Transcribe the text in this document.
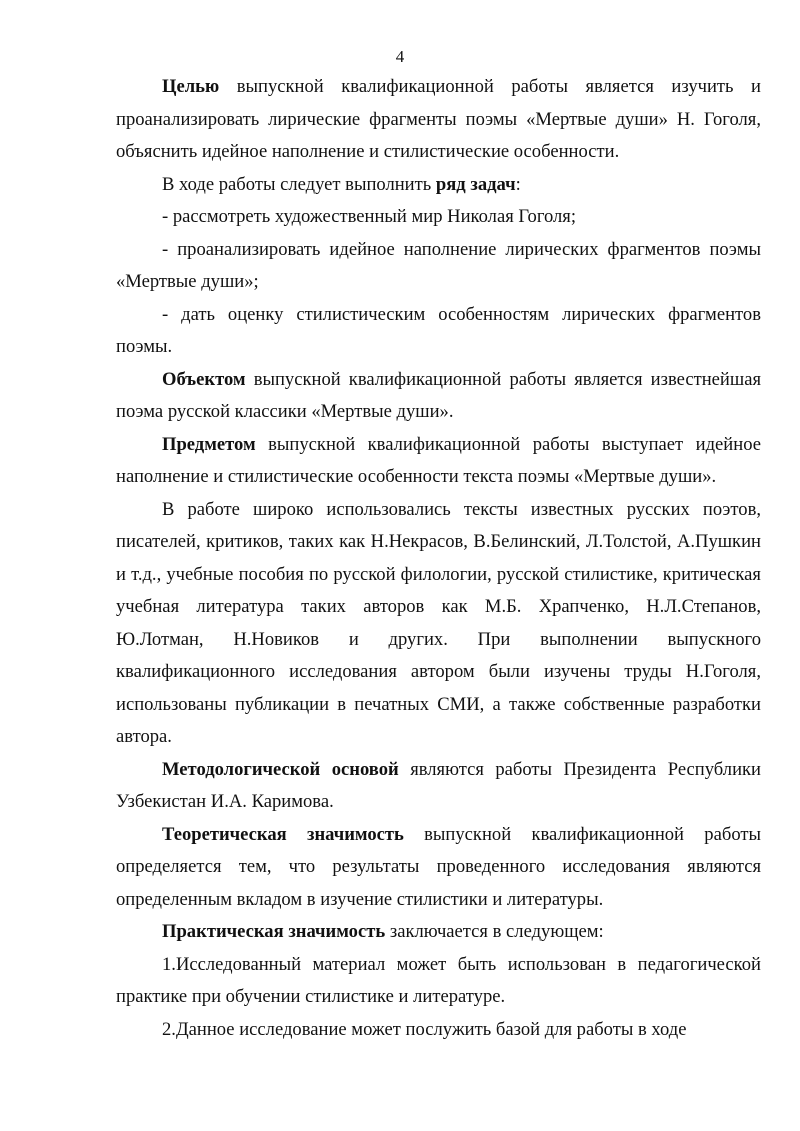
4

Целью выпускной квалификационной работы является изучить и проанализировать лирические фрагменты поэмы «Мертвые души» Н. Гоголя, объяснить идейное наполнение и стилистические особенности.

В ходе работы следует выполнить ряд задач:

- рассмотреть художественный мир Николая Гоголя;

- проанализировать идейное наполнение лирических фрагментов поэмы «Мертвые души»;

- дать оценку стилистическим особенностям лирических фрагментов поэмы.

Объектом выпускной квалификационной работы является известнейшая поэма русской классики «Мертвые души».

Предметом выпускной квалификационной работы выступает идейное наполнение и стилистические особенности текста поэмы «Мертвые души».

В работе широко использовались тексты известных русских поэтов, писателей, критиков, таких как Н.Некрасов, В.Белинский, Л.Толстой, А.Пушкин и т.д., учебные пособия по русской филологии, русской стилистике, критическая учебная литература таких авторов как М.Б. Храпченко, Н.Л.Степанов, Ю.Лотман, Н.Новиков и других. При выполнении выпускного квалификационного исследования автором были изучены труды Н.Гоголя, использованы публикации в печатных СМИ, а также собственные разработки автора.

Методологической основой являются работы Президента Республики Узбекистан И.А. Каримова.

Теоретическая значимость выпускной квалификационной работы определяется тем, что результаты проведенного исследования являются определенным вкладом в изучение стилистики и литературы.

Практическая значимость заключается в следующем:

1.Исследованный материал может быть использован в педагогической практике при обучении стилистике и литературе.

2.Данное исследование может послужить базой для работы в ходе
